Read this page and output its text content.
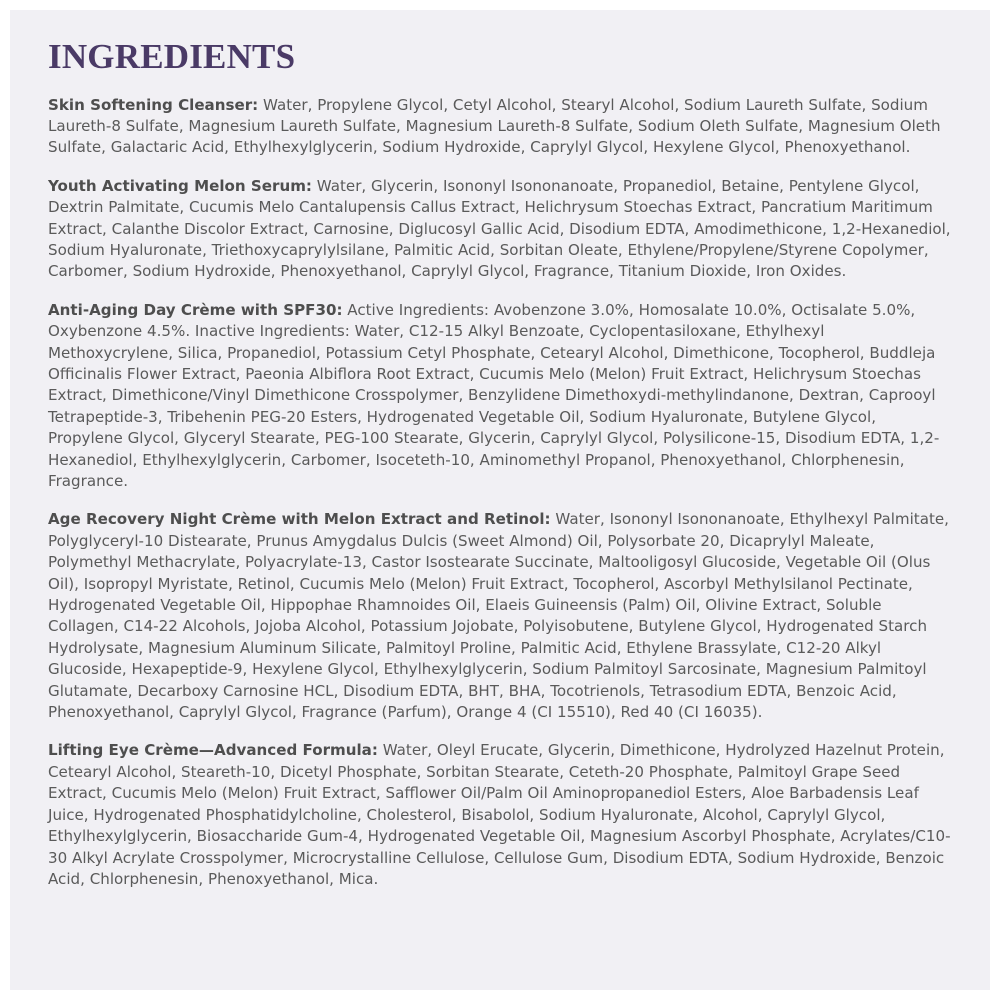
INGREDIENTS

Skin Softening Cleanser: Water, Propylene Glycol, Cetyl Alcohol, Stearyl Alcohol, Sodium Laureth Sulfate, Sodium Laureth-8 Sulfate, Magnesium Laureth Sulfate, Magnesium Laureth-8 Sulfate, Sodium Oleth Sulfate, Magnesium Oleth Sulfate, Galactaric Acid, Ethylhexylglycerin, Sodium Hydroxide, Caprylyl Glycol, Hexylene Glycol, Phenoxyethanol.

Youth Activating Melon Serum: Water, Glycerin, Isononyl Isononanoate, Propanediol, Betaine, Pentylene Glycol, Dextrin Palmitate, Cucumis Melo Cantalupensis Callus Extract, Helichrysum Stoechas Extract, Pancratium Maritimum Extract, Calanthe Discolor Extract, Carnosine, Diglucosyl Gallic Acid, Disodium EDTA, Amodimethicone, 1,2-Hexanediol, Sodium Hyaluronate, Triethoxycaprylylsilane, Palmitic Acid, Sorbitan Oleate, Ethylene/Propylene/Styrene Copolymer, Carbomer, Sodium Hydroxide, Phenoxyethanol, Caprylyl Glycol, Fragrance, Titanium Dioxide, Iron Oxides.

Anti-Aging Day Crème with SPF30: Active Ingredients: Avobenzone 3.0%, Homosalate 10.0%, Octisalate 5.0%, Oxybenzone 4.5%. Inactive Ingredients: Water, C12-15 Alkyl Benzoate, Cyclopentasiloxane, Ethylhexyl Methoxycrylene, Silica, Propanediol, Potassium Cetyl Phosphate, Cetearyl Alcohol, Dimethicone, Tocopherol, Buddleja Officinalis Flower Extract, Paeonia Albiflora Root Extract, Cucumis Melo (Melon) Fruit Extract, Helichrysum Stoechas Extract, Dimethicone/Vinyl Dimethicone Crosspolymer, Benzylidene Dimethoxydi-methylindanone, Dextran, Caprooyl Tetrapeptide-3, Tribehenin PEG-20 Esters, Hydrogenated Vegetable Oil, Sodium Hyaluronate, Butylene Glycol, Propylene Glycol, Glyceryl Stearate, PEG-100 Stearate, Glycerin, Caprylyl Glycol, Polysilicone-15, Disodium EDTA, 1,2-Hexanediol, Ethylhexylglycerin, Carbomer, Isoceteth-10, Aminomethyl Propanol, Phenoxyethanol, Chlorphenesin, Fragrance.

Age Recovery Night Crème with Melon Extract and Retinol: Water, Isononyl Isononanoate, Ethylhexyl Palmitate, Polyglyceryl-10 Distearate, Prunus Amygdalus Dulcis (Sweet Almond) Oil, Polysorbate 20, Dicaprylyl Maleate, Polymethyl Methacrylate, Polyacrylate-13, Castor Isostearate Succinate, Maltooligosyl Glucoside, Vegetable Oil (Olus Oil), Isopropyl Myristate, Retinol, Cucumis Melo (Melon) Fruit Extract, Tocopherol, Ascorbyl Methylsilanol Pectinate, Hydrogenated Vegetable Oil, Hippophae Rhamnoides Oil, Elaeis Guineensis (Palm) Oil, Olivine Extract, Soluble Collagen, C14-22 Alcohols, Jojoba Alcohol, Potassium Jojobate, Polyisobutene, Butylene Glycol, Hydrogenated Starch Hydrolysate, Magnesium Aluminum Silicate, Palmitoyl Proline, Palmitic Acid, Ethylene Brassylate, C12-20 Alkyl Glucoside, Hexapeptide-9, Hexylene Glycol, Ethylhexylglycerin, Sodium Palmitoyl Sarcosinate, Magnesium Palmitoyl Glutamate, Decarboxy Carnosine HCL, Disodium EDTA, BHT, BHA, Tocotrienols, Tetrasodium EDTA, Benzoic Acid, Phenoxyethanol, Caprylyl Glycol, Fragrance (Parfum), Orange 4 (CI 15510), Red 40 (CI 16035).

Lifting Eye Crème—Advanced Formula: Water, Oleyl Erucate, Glycerin, Dimethicone, Hydrolyzed Hazelnut Protein, Cetearyl Alcohol, Steareth-10, Dicetyl Phosphate, Sorbitan Stearate, Ceteth-20 Phosphate, Palmitoyl Grape Seed Extract, Cucumis Melo (Melon) Fruit Extract, Safflower Oil/Palm Oil Aminopropanediol Esters, Aloe Barbadensis Leaf Juice, Hydrogenated Phosphatidylcholine, Cholesterol, Bisabolol, Sodium Hyaluronate, Alcohol, Caprylyl Glycol, Ethylhexylglycerin, Biosaccharide Gum-4, Hydrogenated Vegetable Oil, Magnesium Ascorbyl Phosphate, Acrylates/C10-30 Alkyl Acrylate Crosspolymer, Microcrystalline Cellulose, Cellulose Gum, Disodium EDTA, Sodium Hydroxide, Benzoic Acid, Chlorphenesin, Phenoxyethanol, Mica.
